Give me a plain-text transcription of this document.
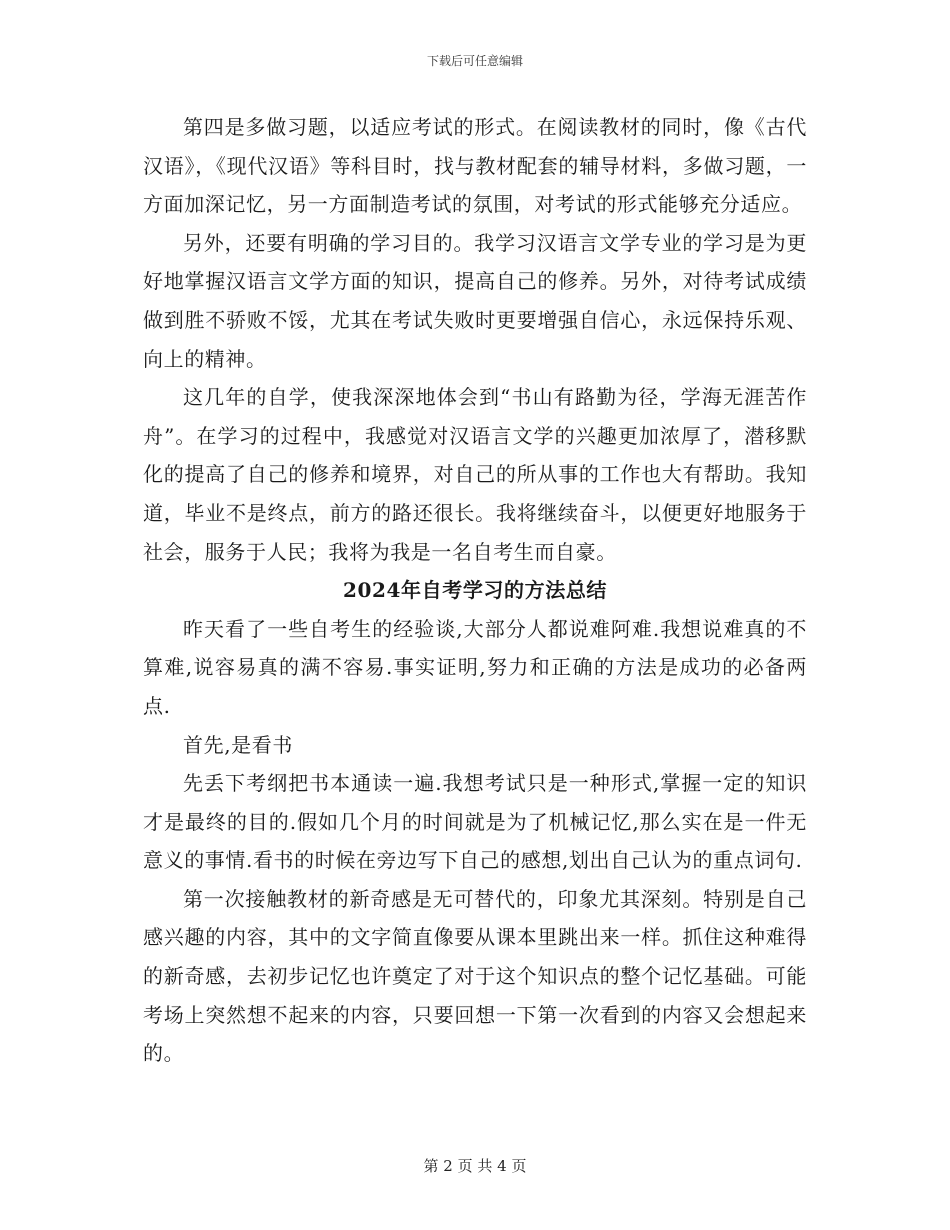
下载后可任意编辑

第四是多做习题，以适应考试的形式。在阅读教材的同时，像《古代汉语》，《现代汉语》等科目时，找与教材配套的辅导材料，多做习题，一方面加深记忆，另一方面制造考试的氛围，对考试的形式能够充分适应。

另外，还要有明确的学习目的。我学习汉语言文学专业的学习是为更好地掌握汉语言文学方面的知识，提高自己的修养。另外，对待考试成绩做到胜不骄败不馁，尤其在考试失败时更要增强自信心，永远保持乐观、向上的精神。

这几年的自学，使我深深地体会到“书山有路勤为径，学海无涯苦作舟”。在学习的过程中，我感觉对汉语言文学的兴趣更加浓厚了，潜移默化的提高了自己的修养和境界，对自己的所从事的工作也大有帮助。我知道，毕业不是终点，前方的路还很长。我将继续奋斗，以便更好地服务于社会，服务于人民；我将为我是一名自考生而自豪。

2024年自考学习的方法总结

昨天看了一些自考生的经验谈,大部分人都说难阿难.我想说难真的不算难,说容易真的满不容易.事实证明,努力和正确的方法是成功的必备两点.

首先,是看书

先丢下考纲把书本通读一遍.我想考试只是一种形式,掌握一定的知识才是最终的目的.假如几个月的时间就是为了机械记忆,那么实在是一件无意义的事情.看书的时候在旁边写下自己的感想,划出自己认为的重点词句.

第一次接触教材的新奇感是无可替代的，印象尤其深刻。特别是自己感兴趣的内容，其中的文字简直像要从课本里跳出来一样。抓住这种难得的新奇感，去初步记忆也许奠定了对于这个知识点的整个记忆基础。可能考场上突然想不起来的内容，只要回想一下第一次看到的内容又会想起来的。

第 2 页 共 4 页
